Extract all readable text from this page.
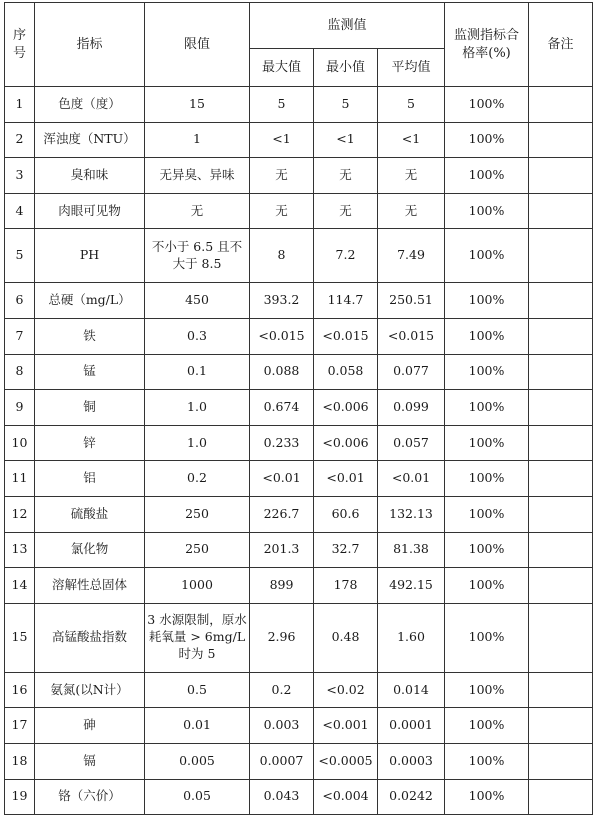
序号	指标	限值	监测值			监测指标合格率(%)	备注
			最大值	最小值	平均值		
1	色度（度）	15	5	5	5	100%	
2	浑浊度（NTU）	1	<1	<1	<1	100%	
3	臭和味	无异臭、异味	无	无	无	100%	
4	肉眼可见物	无	无	无	无	100%	
5	PH	不小于 6.5 且不大于 8.5	8	7.2	7.49	100%	
6	总硬（mg/L）	450	393.2	114.7	250.51	100%	
7	铁	0.3	<0.015	<0.015	<0.015	100%	
8	锰	0.1	0.088	0.058	0.077	100%	
9	铜	1.0	0.674	<0.006	0.099	100%	
10	锌	1.0	0.233	<0.006	0.057	100%	
11	铝	0.2	<0.01	<0.01	<0.01	100%	
12	硫酸盐	250	226.7	60.6	132.13	100%	
13	氯化物	250	201.3	32.7	81.38	100%	
14	溶解性总固体	1000	899	178	492.15	100%	
15	高锰酸盐指数	3 水源限制，原水耗氧量 > 6mg/L 时为 5	2.96	0.48	1.60	100%	
16	氨氮(以N计）	0.5	0.2	<0.02	0.014	100%	
17	砷	0.01	0.003	<0.001	0.0001	100%	
18	镉	0.005	0.0007	<0.0005	0.0003	100%	
19	铬（六价）	0.05	0.043	<0.004	0.0242	100%	
